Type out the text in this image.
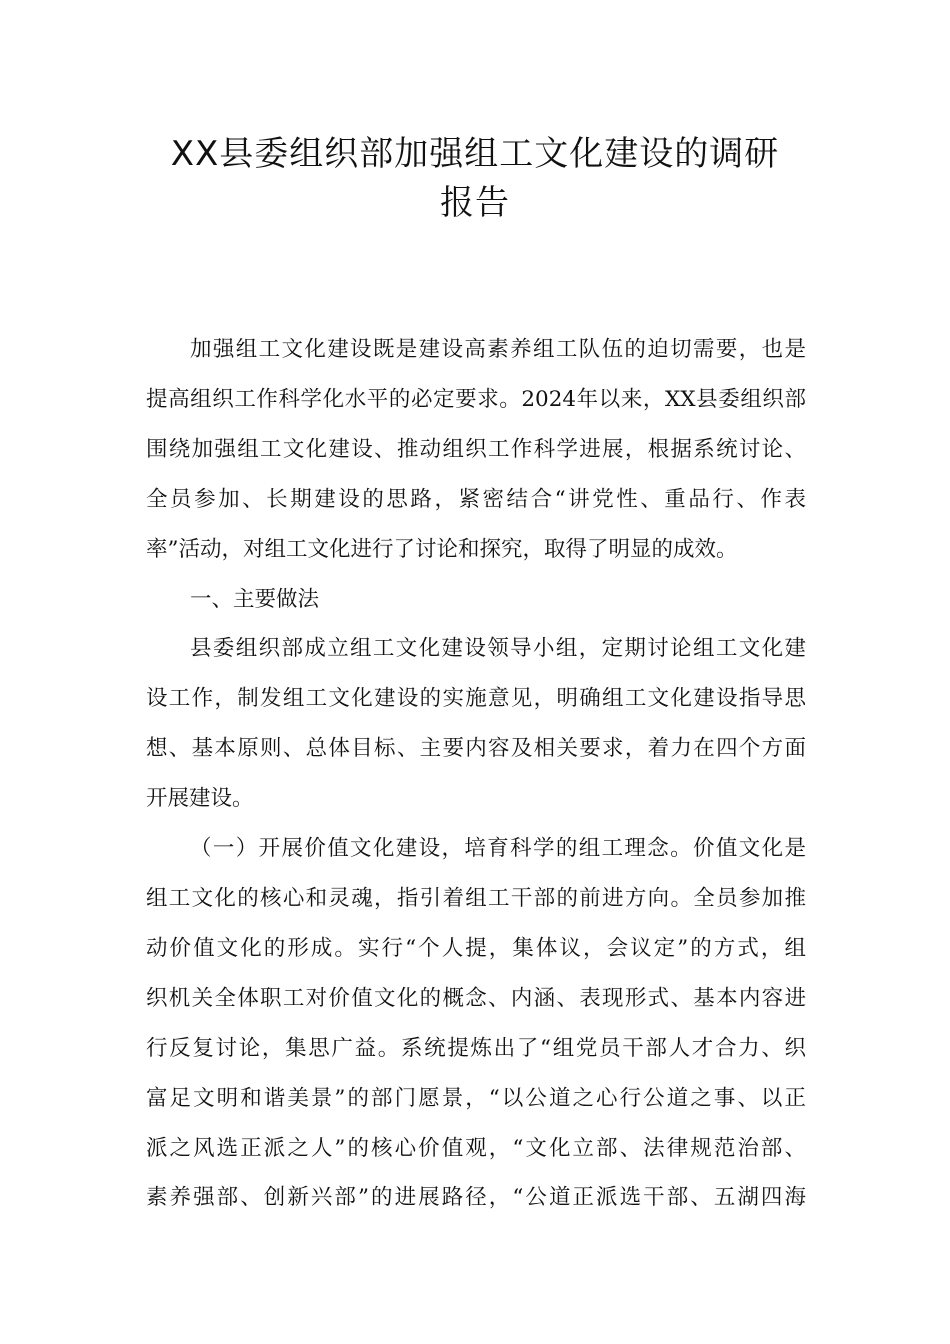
XX县委组织部加强组工文化建设的调研
报告

加强组工文化建设既是建设高素养组工队伍的迫切需要，也是

提高组织工作科学化水平的必定要求。2024年以来，XX县委组织部

围绕加强组工文化建设、推动组织工作科学进展，根据系统讨论、

全员参加、长期建设的思路，紧密结合“讲党性、重品行、作表

率”活动，对组工文化进行了讨论和探究，取得了明显的成效。

一、主要做法

县委组织部成立组工文化建设领导小组，定期讨论组工文化建

设工作，制发组工文化建设的实施意见，明确组工文化建设指导思

想、基本原则、总体目标、主要内容及相关要求，着力在四个方面

开展建设。

（一）开展价值文化建设，培育科学的组工理念。价值文化是

组工文化的核心和灵魂，指引着组工干部的前进方向。全员参加推

动价值文化的形成。实行“个人提，集体议，会议定”的方式，组

织机关全体职工对价值文化的概念、内涵、表现形式、基本内容进

行反复讨论，集思广益。系统提炼出了“组党员干部人才合力、织

富足文明和谐美景”的部门愿景，“以公道之心行公道之事、以正

派之风选正派之人”的核心价值观，“文化立部、法律规范治部、

素养强部、创新兴部”的进展路径，“公道正派选干部、五湖四海
